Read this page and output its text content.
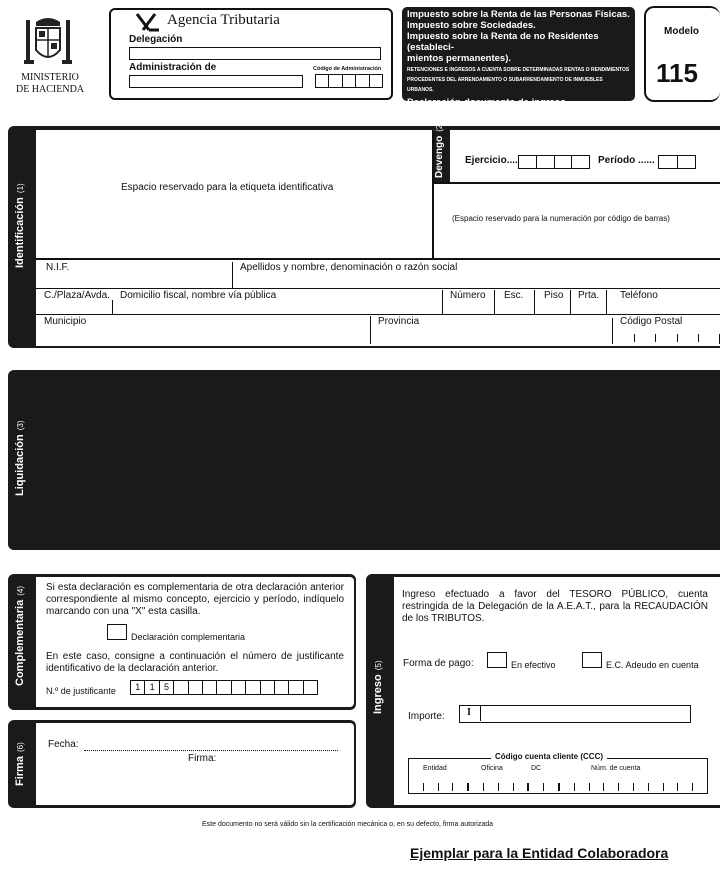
MINISTERIO
DE HACIENDA
Agencia Tributaria
Delegación
Administración de	Código de Administración
Impuesto sobre la Renta de las Personas Físicas.
Impuesto sobre Sociedades.
Impuesto sobre la Renta de no Residentes (estableci-
mientos permanentes).
RETENCIONES E INGRESOS A CUENTA SOBRE DETERMINADAS RENTAS O RENDIMIENTOS
PROCEDENTES DEL ARRENDAMIENTO O SUBARRENDAMIENTO DE INMUEBLES URBANOS.
Declaración-documento de ingreso
Modelo
115
Identificación(1)	Espacio reservado para la etiqueta identificativa
Devengo(2)
Ejercicio....	Período ......
(Espacio reservado para la numeración por código de barras)
N.I.F.	Apellidos y nombre, denominación o razón social
C./Plaza/Avda. Domicilio fiscal, nombre vía pública	Número Esc. Piso Prta. Teléfono
Municipio	Provincia	Código Postal
Liquidación(3)
Complementaria(4) Si esta declaración es complementaria de otra declaración anterior correspondiente al mismo concepto, ejercicio y período, indíquelo marcando con una "X" esta casilla.
Declaración complementaria
En este caso, consigne a continuación el número de justificante identificativo de la declaración anterior.
N.º de justificante	1	1	5
Firma(6) Fecha:
Firma:
Ingreso(5)
Ingreso efectuado a favor del TESORO PÚBLICO, cuenta restringida de la Delegación de la A.E.A.T., para la RECAUDACIÓN de los TRIBUTOS.
Forma de pago:	En efectivo	E.C. Adeudo en cuenta
Importe: I
Código cuenta cliente (CCC)
Entidad	Oficina	DC	Núm. de cuenta
Este documento no será válido sin la certificación mecánica o, en su defecto, firma autorizada
Ejemplar para la Entidad Colaboradora
